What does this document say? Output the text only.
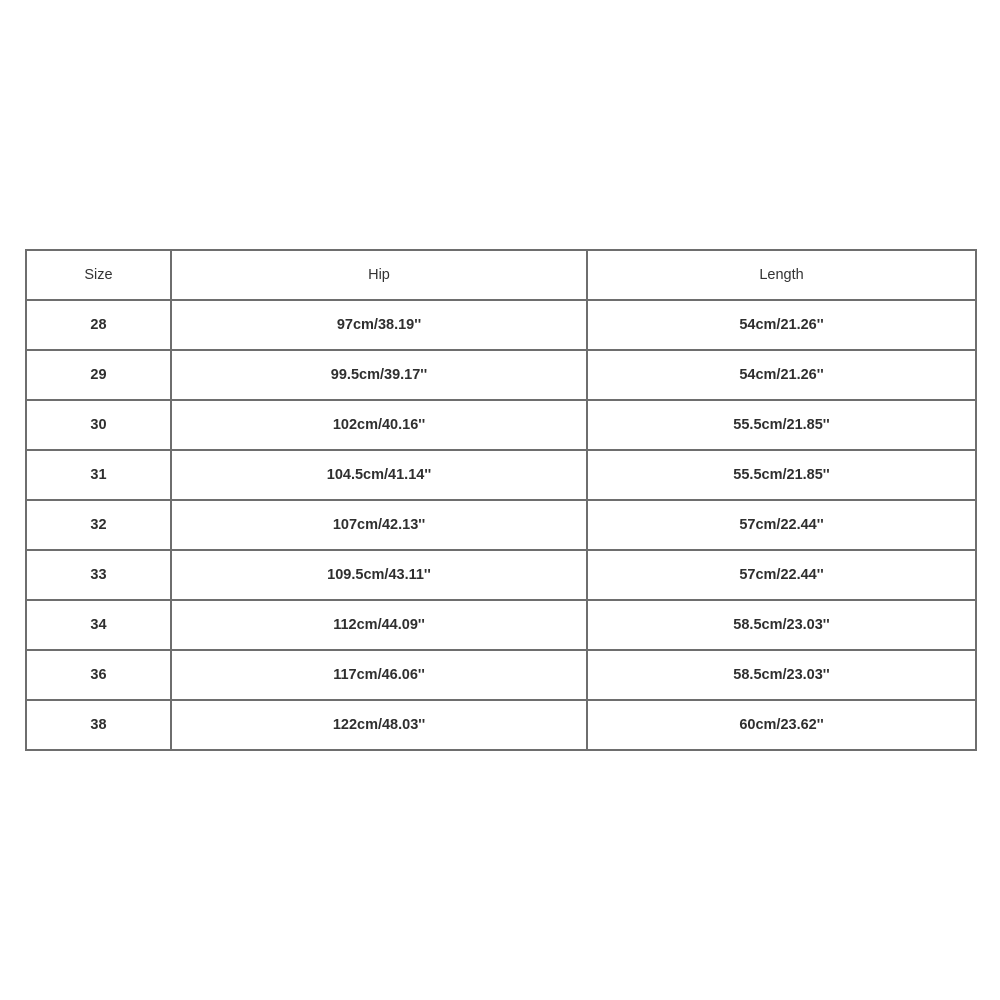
Size	Hip	Length
28	97cm/38.19''	54cm/21.26''
29	99.5cm/39.17''	54cm/21.26''
30	102cm/40.16''	55.5cm/21.85''
31	104.5cm/41.14''	55.5cm/21.85''
32	107cm/42.13''	57cm/22.44''
33	109.5cm/43.11''	57cm/22.44''
34	112cm/44.09''	58.5cm/23.03''
36	117cm/46.06''	58.5cm/23.03''
38	122cm/48.03''	60cm/23.62''
